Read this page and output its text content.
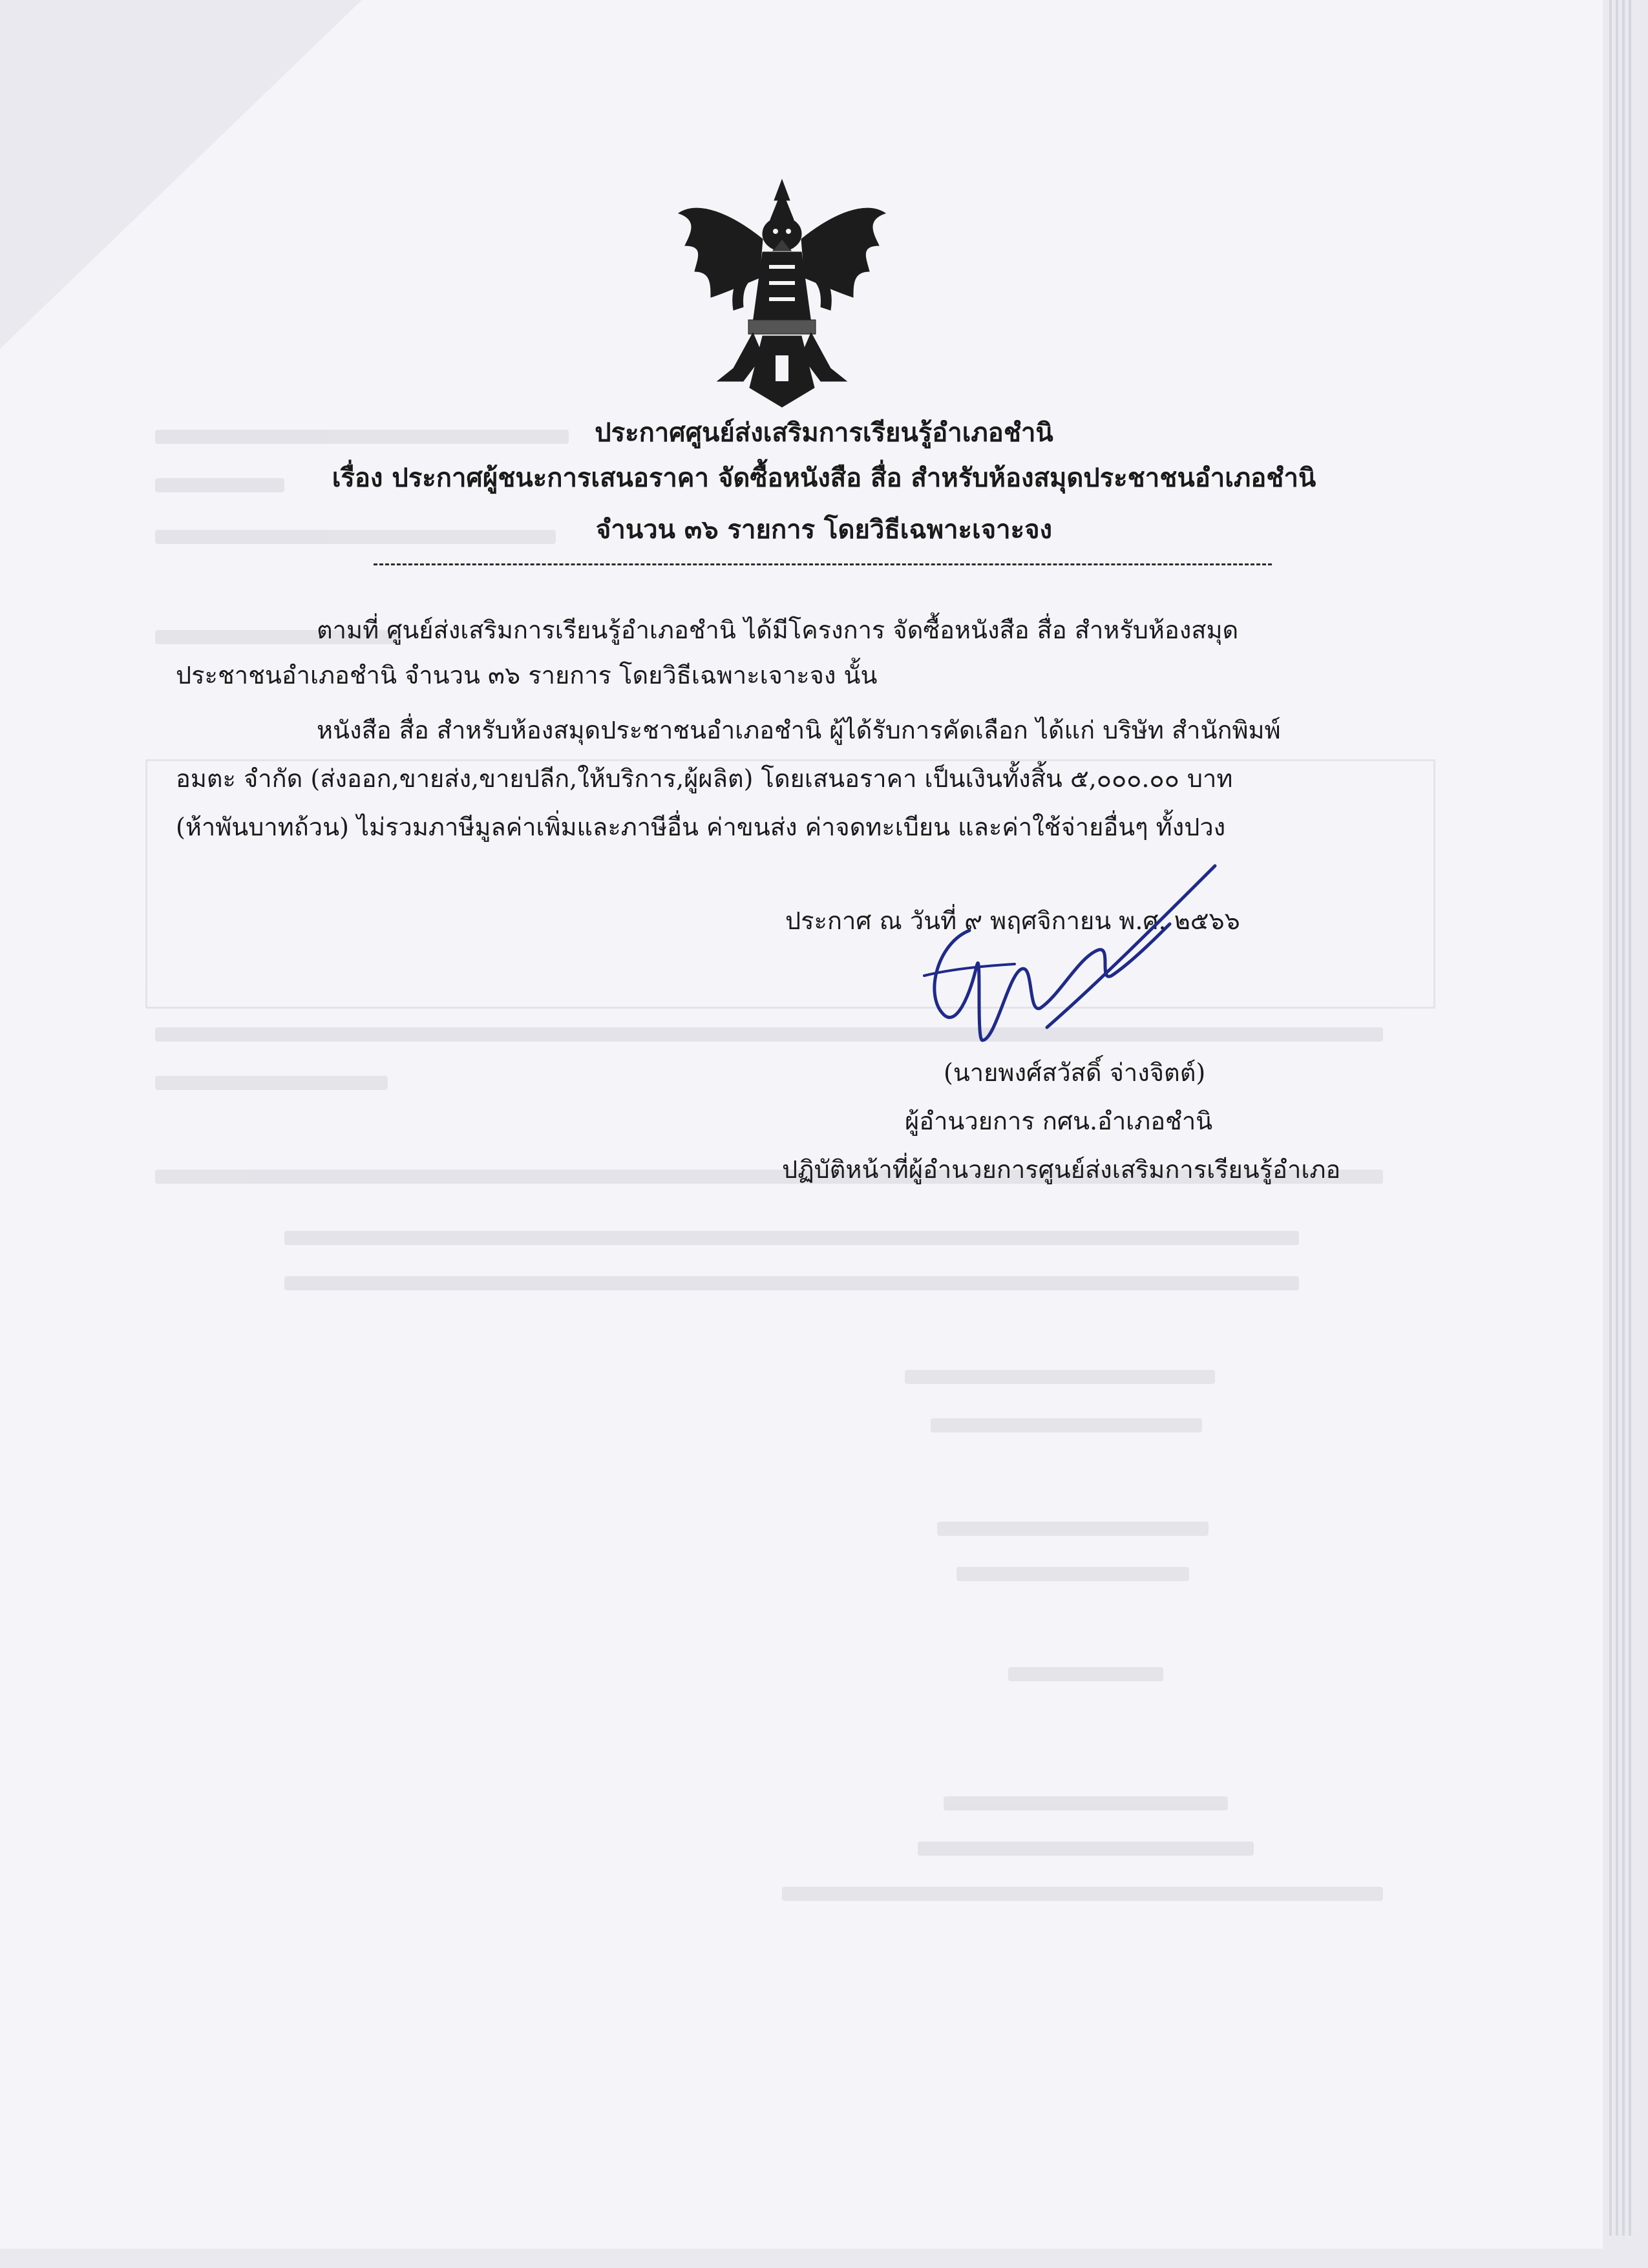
ประกาศศูนย์ส่งเสริมการเรียนรู้อำเภอชำนิ
เรื่อง ประกาศผู้ชนะการเสนอราคา จัดซื้อหนังสือ สื่อ สำหรับห้องสมุดประชาชนอำเภอชำนิ
จำนวน ๓๖ รายการ โดยวิธีเฉพาะเจาะจง
ตามที่ ศูนย์ส่งเสริมการเรียนรู้อำเภอชำนิ ได้มีโครงการ จัดซื้อหนังสือ สื่อ สำหรับห้องสมุด
ประชาชนอำเภอชำนิ จำนวน ๓๖ รายการ โดยวิธีเฉพาะเจาะจง นั้น
หนังสือ สื่อ สำหรับห้องสมุดประชาชนอำเภอชำนิ ผู้ได้รับการคัดเลือก ได้แก่ บริษัท สำนักพิมพ์
อมตะ จำกัด (ส่งออก,ขายส่ง,ขายปลีก,ให้บริการ,ผู้ผลิต) โดยเสนอราคา เป็นเงินทั้งสิ้น ๕,๐๐๐.๐๐ บาท
(ห้าพันบาทถ้วน) ไม่รวมภาษีมูลค่าเพิ่มและภาษีอื่น ค่าขนส่ง ค่าจดทะเบียน และค่าใช้จ่ายอื่นๆ ทั้งปวง
ประกาศ ณ วันที่ ๙ พฤศจิกายน พ.ศ. ๒๕๖๖
(นายพงศ์สวัสดิ์ จ่างจิตต์)
ผู้อำนวยการ กศน.อำเภอชำนิ
ปฏิบัติหน้าที่ผู้อำนวยการศูนย์ส่งเสริมการเรียนรู้อำเภอ
